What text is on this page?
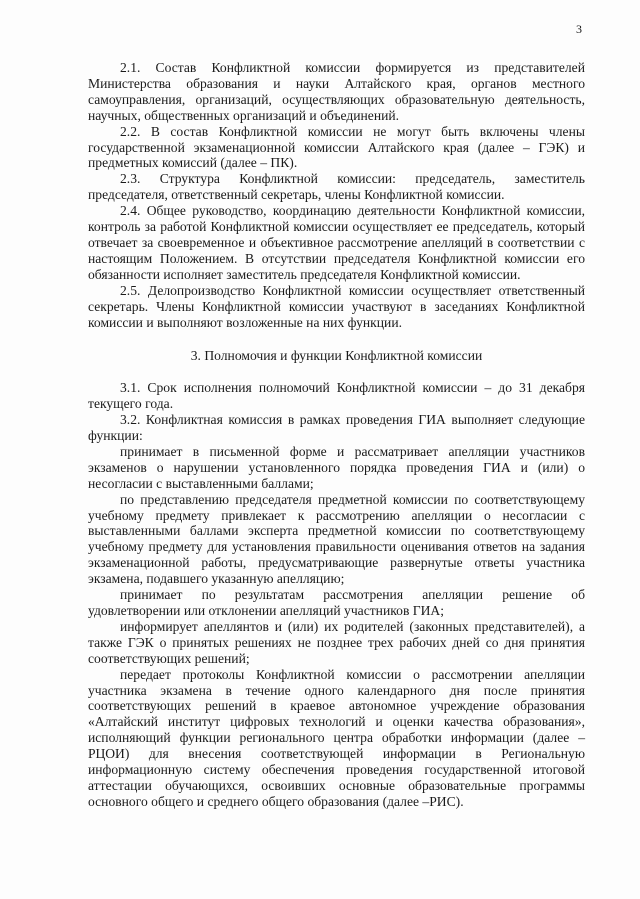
3

2.1. Состав Конфликтной комиссии формируется из представителей Министерства образования и науки Алтайского края, органов местного самоуправления, организаций, осуществляющих образовательную деятельность, научных, общественных организаций и объединений.

2.2. В состав Конфликтной комиссии не могут быть включены члены государственной экзаменационной комиссии Алтайского края (далее – ГЭК) и предметных комиссий (далее – ПК).

2.3. Структура Конфликтной комиссии: председатель, заместитель председателя, ответственный секретарь, члены Конфликтной комиссии.

2.4. Общее руководство, координацию деятельности Конфликтной комиссии, контроль за работой Конфликтной комиссии осуществляет ее председатель, который отвечает за своевременное и объективное рассмотрение апелляций в соответствии с настоящим Положением. В отсутствии председателя Конфликтной комиссии его обязанности исполняет заместитель председателя Конфликтной комиссии.

2.5. Делопроизводство Конфликтной комиссии осуществляет ответственный секретарь. Члены Конфликтной комиссии участвуют в заседаниях Конфликтной комиссии и выполняют возложенные на них функции.

3. Полномочия и функции Конфликтной комиссии

3.1. Срок исполнения полномочий Конфликтной комиссии – до 31 декабря текущего года.

3.2. Конфликтная комиссия в рамках проведения ГИА выполняет следующие функции:

принимает в письменной форме и рассматривает апелляции участников экзаменов о нарушении установленного порядка проведения ГИА и (или) о несогласии с выставленными баллами;

по представлению председателя предметной комиссии по соответствующему учебному предмету привлекает к рассмотрению апелляции о несогласии с выставленными баллами эксперта предметной комиссии по соответствующему учебному предмету для установления правильности оценивания ответов на задания экзаменационной работы, предусматривающие развернутые ответы участника экзамена, подавшего указанную апелляцию;

принимает по результатам рассмотрения апелляции решение об удовлетворении или отклонении апелляций участников ГИА;

информирует апеллянтов и (или) их родителей (законных представителей), а также ГЭК о принятых решениях не позднее трех рабочих дней со дня принятия соответствующих решений;

передает протоколы Конфликтной комиссии о рассмотрении апелляции участника экзамена в течение одного календарного дня после принятия соответствующих решений в краевое автономное учреждение образования «Алтайский институт цифровых технологий и оценки качества образования», исполняющий функции регионального центра обработки информации (далее – РЦОИ) для внесения соответствующей информации в Региональную информационную систему обеспечения проведения государственной итоговой аттестации обучающихся, освоивших основные образовательные программы основного общего и среднего общего образования (далее –РИС).
